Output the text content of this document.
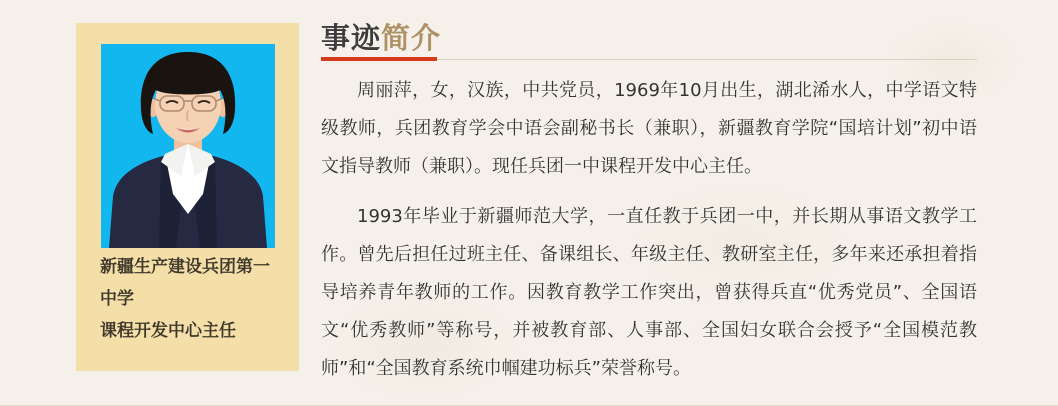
新疆生产建设兵团第一中学
课程开发中心主任
事迹简介

周丽萍，女，汉族，中共党员，1969年10月出生，湖北浠水人，中学语文特级教师，兵团教育学会中语会副秘书长（兼职），新疆教育学院“国培计划”初中语文指导教师（兼职）。现任兵团一中课程开发中心主任。

1993年毕业于新疆师范大学，一直任教于兵团一中，并长期从事语文教学工作。曾先后担任过班主任、备课组长、年级主任、教研室主任，多年来还承担着指导培养青年教师的工作。因教育教学工作突出，曾获得兵直“优秀党员”、全国语文“优秀教师”等称号，并被教育部、人事部、全国妇女联合会授予“全国模范教师”和“全国教育系统巾帼建功标兵”荣誉称号。
